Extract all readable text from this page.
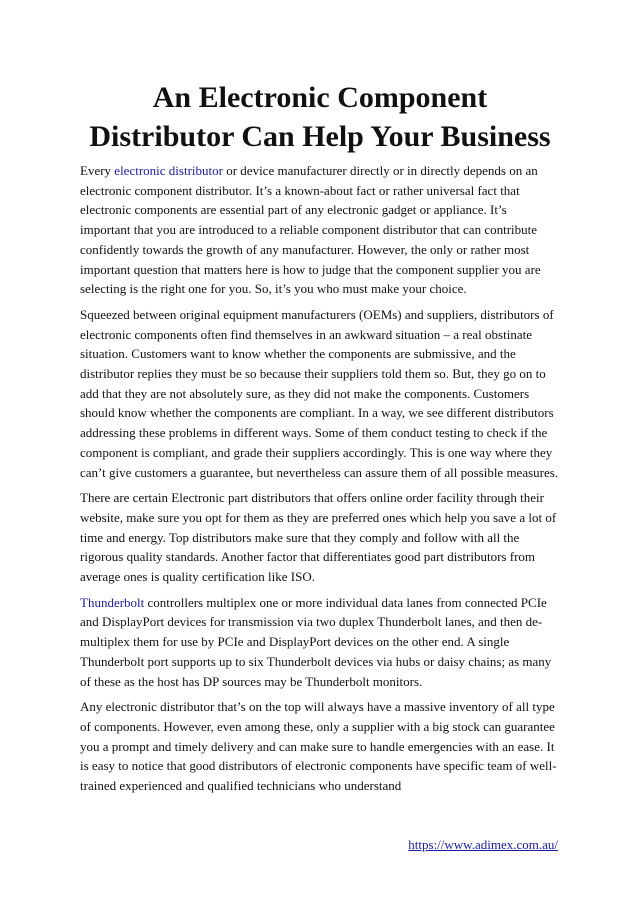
An Electronic Component
Distributor Can Help Your Business

Every electronic distributor or device manufacturer directly or in directly depends on an electronic component distributor. It’s a known-about fact or rather universal fact that electronic components are essential part of any electronic gadget or appliance. It’s important that you are introduced to a reliable component distributor that can contribute confidently towards the growth of any manufacturer. However, the only or rather most important question that matters here is how to judge that the component supplier you are selecting is the right one for you. So, it’s you who must make your choice.

Squeezed between original equipment manufacturers (OEMs) and suppliers, distributors of electronic components often find themselves in an awkward situation – a real obstinate situation. Customers want to know whether the components are submissive, and the distributor replies they must be so because their suppliers told them so. But, they go on to add that they are not absolutely sure, as they did not make the components. Customers should know whether the components are compliant. In a way, we see different distributors addressing these problems in different ways. Some of them conduct testing to check if the component is compliant, and grade their suppliers accordingly. This is one way where they can’t give customers a guarantee, but nevertheless can assure them of all possible measures.

There are certain Electronic part distributors that offers online order facility through their website, make sure you opt for them as they are preferred ones which help you save a lot of time and energy. Top distributors make sure that they comply and follow with all the rigorous quality standards. Another factor that differentiates good part distributors from average ones is quality certification like ISO.

Thunderbolt controllers multiplex one or more individual data lanes from connected PCIe and DisplayPort devices for transmission via two duplex Thunderbolt lanes, and then de-multiplex them for use by PCIe and DisplayPort devices on the other end. A single Thunderbolt port supports up to six Thunderbolt devices via hubs or daisy chains; as many of these as the host has DP sources may be Thunderbolt monitors.

Any electronic distributor that’s on the top will always have a massive inventory of all type of components. However, even among these, only a supplier with a big stock can guarantee you a prompt and timely delivery and can make sure to handle emergencies with an ease. It is easy to notice that good distributors of electronic components have specific team of well-trained experienced and qualified technicians who understand

https://www.adimex.com.au/
